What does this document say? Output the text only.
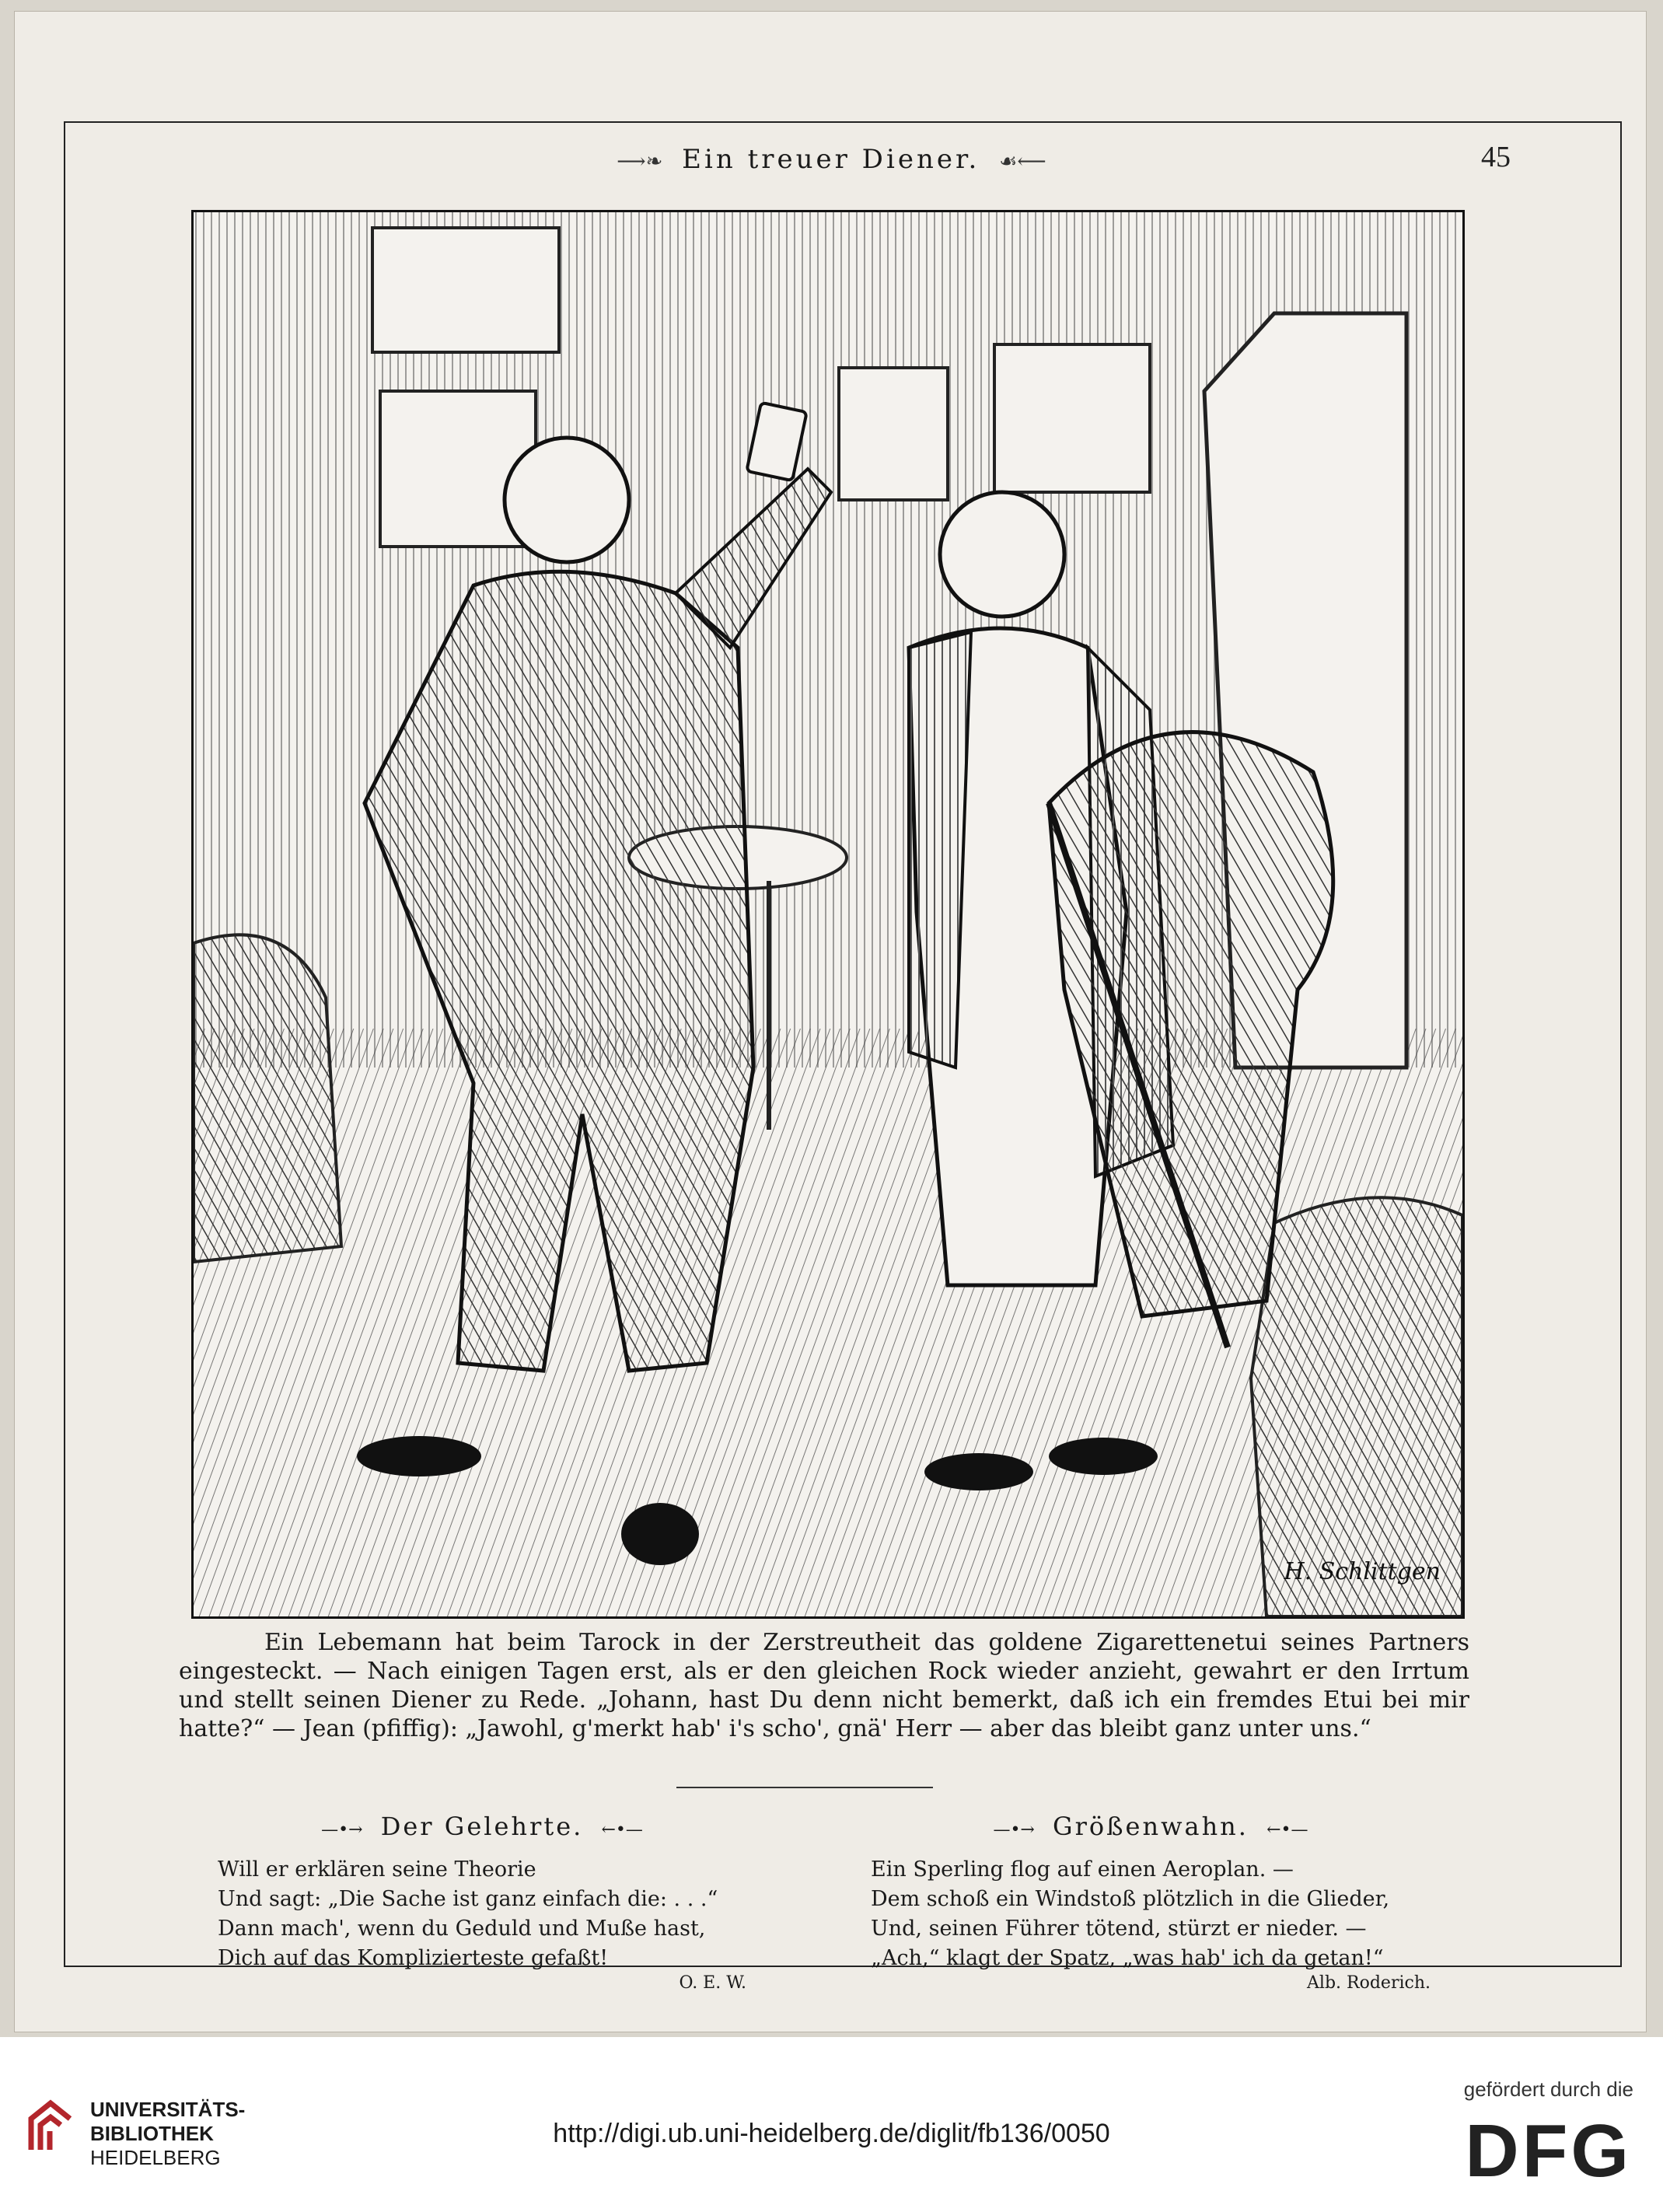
⟶❧ Ein treuer Diener. ☙⟵	45
H. Schlittgen
Ein Lebemann hat beim Tarock in der Zerstreutheit das goldene Zigarettenetui seines Partners eingesteckt. — Nach einigen Tagen erst, als er den gleichen Rock wieder anzieht, gewahrt er den Irrtum und stellt seinen Diener zu Rede. „Johann, hast Du denn nicht bemerkt, daß ich ein fremdes Etui bei mir hatte?“ — Jean (pfiffig): „Jawohl, g'merkt hab' i's scho', gnä' Herr — aber das bleibt ganz unter uns.“
—•→ Der Gelehrte. ←•—
Will er erklären seine Theorie
Und sagt: „Die Sache ist ganz einfach die: . . .“
Dann mach', wenn du Geduld und Muße hast,
Dich auf das Komplizierteste gefaßt!
O. E. W.
—•→ Größenwahn. ←•—
Ein Sperling flog auf einen Aeroplan. —
Dem schoß ein Windstoß plötzlich in die Glieder,
Und, seinen Führer tötend, stürzt er nieder. —
„Ach,“ klagt der Spatz, „was hab' ich da getan!“
Alb. Roderich.
UNIVERSITÄTS-
BIBLIOTHEK
HEIDELBERG
http://digi.ub.uni-heidelberg.de/diglit/fb136/0050
gefördert durch die
DFG
